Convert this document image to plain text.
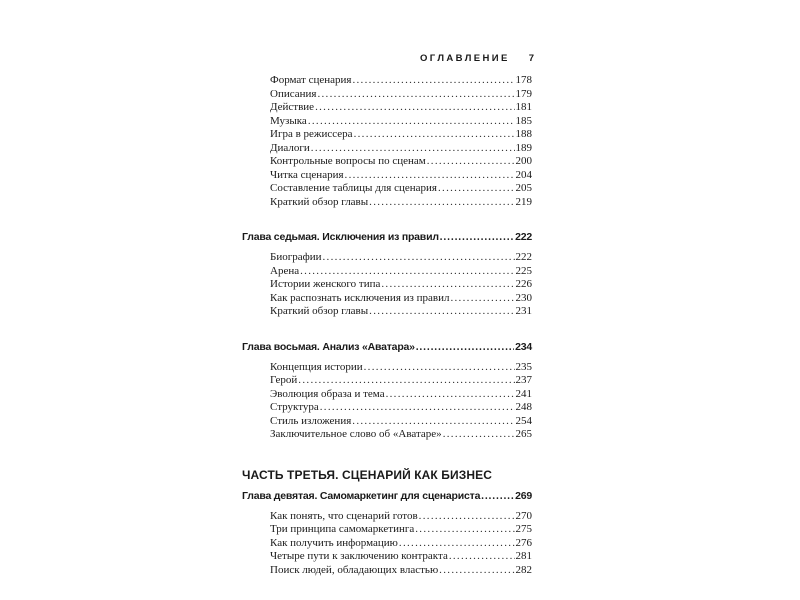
ОГЛАВЛЕНИЕ 7
Формат сценария .....	178
Описания .....	179
Действие .....	181
Музыка .....	185
Игра в режиссера .....	188
Диалоги .....	189
Контрольные вопросы по сценам .....	200
Читка сценария .....	204
Составление таблицы для сценария .....	205
Краткий обзор главы .....	219
Глава седьмая. Исключения из правил .....	222
Биографии .....	222
Арена .....	225
Истории женского типа .....	226
Как распознать исключения из правил .....	230
Краткий обзор главы .....	231
Глава восьмая. Анализ «Аватара» .....	234
Концепция истории .....	235
Герой .....	237
Эволюция образа и тема .....	241
Структура .....	248
Стиль изложения .....	254
Заключительное слово об «Аватаре» .....	265
ЧАСТЬ ТРЕТЬЯ. СЦЕНАРИЙ КАК БИЗНЕС
Глава девятая. Самомаркетинг для сценариста .....	269
Как понять, что сценарий готов .....	270
Три принципа самомаркетинга .....	275
Как получить информацию .....	276
Четыре пути к заключению контракта .....	281
Поиск людей, обладающих властью .....	282
